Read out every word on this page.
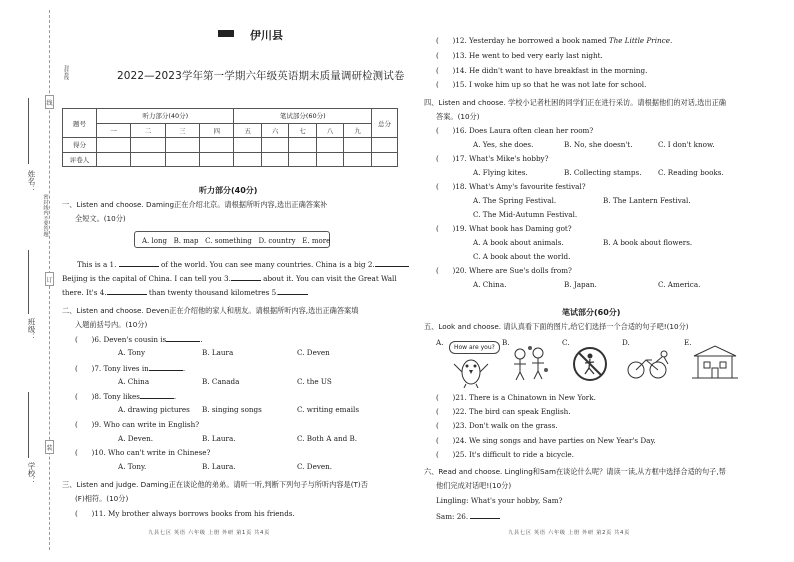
封装线
密封线内不要答题
姓名：
班级：
学校：
线
订
装
伊川县
2022—2023学年第一学期六年级英语期末质量调研检测试卷
题号	听力部分(40分)				笔试部分(60分)					总分
	一	二	三	四	五	六	七	八	九	
得分										
评卷人										
听力部分(40分)
一、Listen and choose. Daming正在介绍北京。请根据所听内容,选出正确答案补
全短文。(10分)
A. long   B. map   C. something   D. country   E. more
This is a 1.	of the world. You can see many countries. China is a big 2.
Beijing is the capital of China. I can tell you 3.	about it. You can visit the Great Wall
there. It's 4.	than twenty thousand kilometres 5.
二、Listen and choose. Deven正在介绍他的家人和朋友。请根据所听内容,选出正确答案填
入题前括号内。(10分)
(      )6. Deven's cousin is	.
A. Tony	B. Laura	C. Deven
(      )7. Tony lives in	.
A. China	B. Canada	C. the US
(      )8. Tony likes	.
A. drawing pictures B. singing songs	C. writing emails
(      )9. Who can write in English?
A. Deven.	B. Laura.	C. Both A and B.
(      )10. Who can't write in Chinese?
A. Tony.	B. Laura.	C. Deven.
三、Listen and judge. Daming正在谈论他的弟弟。请听一听,判断下列句子与所听内容是(T)否
(F)相符。(10分)
(      )11. My brother always borrows books from his friends.
九县七区 英语 六年级 上册 外研 第1页 共4页
(      )12. Yesterday he borrowed a book named The Little Prince.
(      )13. He went to bed very early last night.
(      )14. He didn't want to have breakfast in the morning.
(      )15. I woke him up so that he was not late for school.
四、Listen and choose. 学校小记者杜困的同学们正在进行采访。请根据他们的对话,选出正确
答案。(10分)
(      )16. Does Laura often clean her room?
A. Yes, she does.	B. No, she doesn't.	C. I don't know.
(      )17. What's Mike's hobby?
A. Flying kites.	B. Collecting stamps. C. Reading books.
(      )18. What's Amy's favourite festival?
A. The Spring Festival.	B. The Lantern Festival.
C. The Mid-Autumn Festival.
(      )19. What book has Daming got?
A. A book about animals.	B. A book about flowers.
C. A book about the world.
(      )20. Where are Sue's dolls from?
A. China.	B. Japan.	C. America.
笔试部分(60分)
五、Look and choose. 请认真看下面的图片,给它们选择一个合适的句子吧!(10分)
A.
How are you?
B.	C.	D.	E.
(      )21. There is a Chinatown in New York.
(      )22. The bird can speak English.
(      )23. Don't walk on the grass.
(      )24. We sing songs and have parties on New Year's Day.
(      )25. It's difficult to ride a bicycle.
六、Read and choose. Lingling和Sam在谈论什么呢？请读一读,从方框中选择合适的句子,帮
他们完成对话吧!(10分)
Lingling: What's your hobby, Sam?
Sam: 26.
九县七区 英语 六年级 上册 外研 第2页 共4页
